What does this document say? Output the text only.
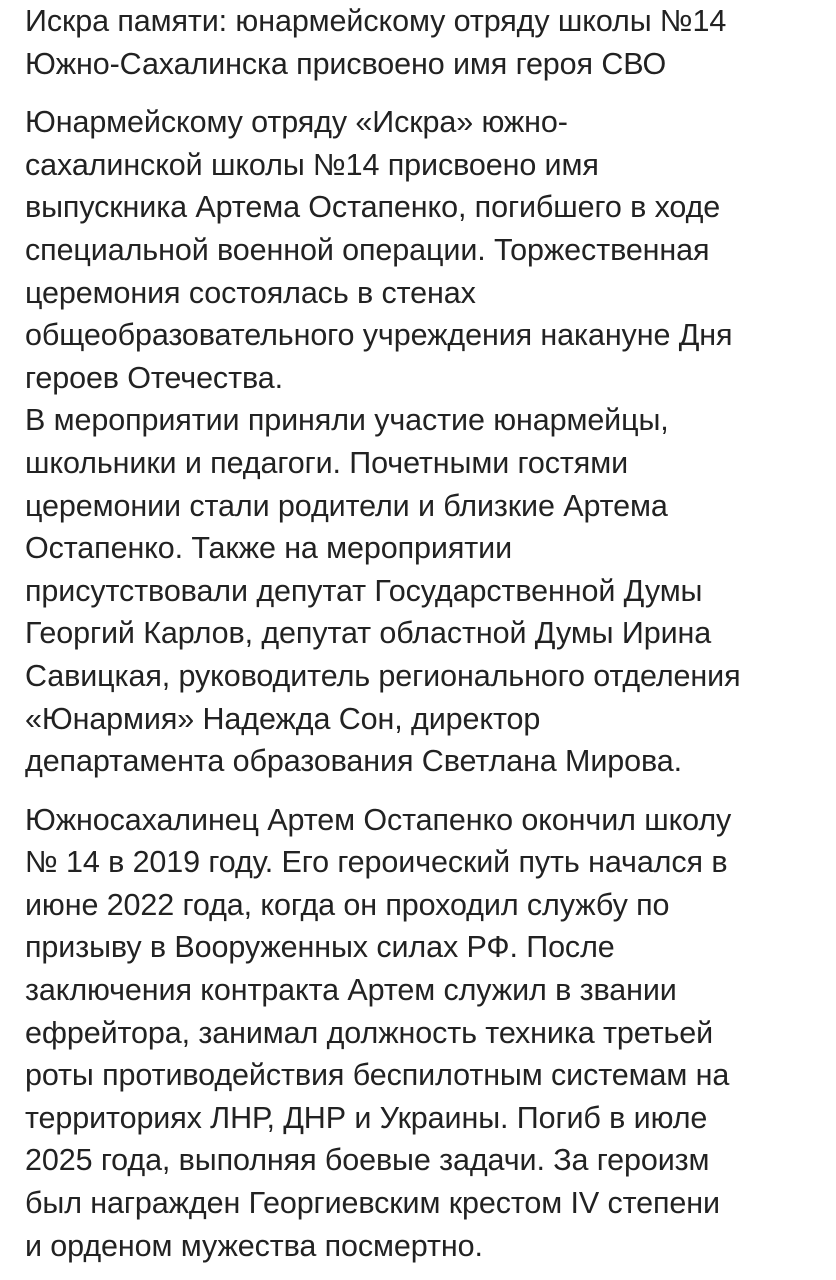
Искра памяти: юнармейскому отряду школы №14
Южно-Сахалинска присвоено имя героя СВО
Юнармейскому отряду «Искра» южно-
сахалинской школы №14 присвоено имя
выпускника Артема Остапенко, погибшего в ходе
специальной военной операции. Торжественная
церемония состоялась в стенах
общеобразовательного учреждения накануне Дня
героев Отечества.
В мероприятии приняли участие юнармейцы,
школьники и педагоги. Почетными гостями
церемонии стали родители и близкие Артема
Остапенко. Также на мероприятии
присутствовали депутат Государственной Думы
Георгий Карлов, депутат областной Думы Ирина
Савицкая, руководитель регионального отделения
«Юнармия» Надежда Сон, директор
департамента образования Светлана Мирова.
Южносахалинец Артем Остапенко окончил школу
№ 14 в 2019 году. Его героический путь начался в
июне 2022 года, когда он проходил службу по
призыву в Вооруженных силах РФ. После
заключения контракта Артем служил в звании
ефрейтора, занимал должность техника третьей
роты противодействия беспилотным системам на
территориях ЛНР, ДНР и Украины. Погиб в июле
2025 года, выполняя боевые задачи. За героизм
был награжден Георгиевским крестом IV степени
и орденом мужества посмертно.
